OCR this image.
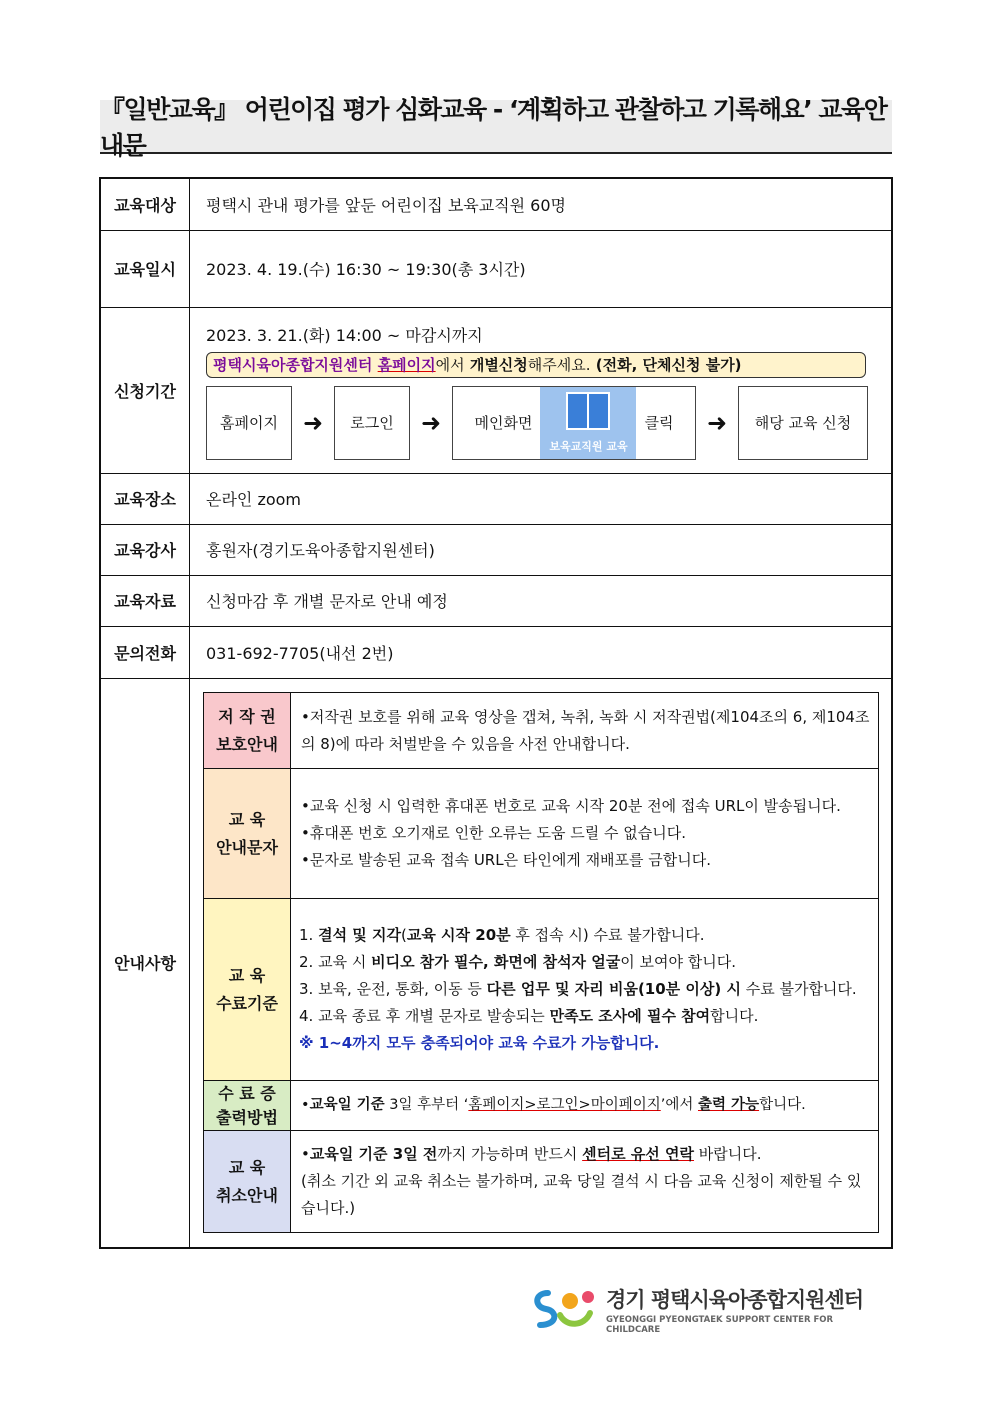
『일반교육』 어린이집 평가 심화교육 - ‘계획하고 관찰하고 기록해요’ 교육안내문
교육대상	평택시 관내 평가를 앞둔 어린이집 보육교직원 60명
교육일시	2023. 4. 19.(수) 16:30 ~ 19:30(총 3시간)
신청기간	
2023. 3. 21.(화) 14:00 ~ 마감시까지
평택시육아종합지원센터
홈페이지 에서
개별신청 해주세요.
(전화, 단체신청 불가)
홈페이지	➜	로그인	➜	메인화면
보육교직원 교육
클릭	➜	해당 교육 신청

교육장소	온라인 zoom
교육강사	홍원자(경기도육아종합지원센터)
교육자료	신청마감 후 개별 문자로 안내 예정
문의전화	031-692-7705(내선 2번)
안내사항	
저 작 권
보호안내
	•저작권 보호를 위해 교육 영상을 갭쳐, 녹취, 녹화 시 저작권법(제104조의 6, 제104조의 8)에 따라 처벌받을 수 있음을 사전 안내합니다.

교 육
안내문자

•교육 신청 시 입력한 휴대폰 번호로 교육 시작 20분 전에 접속 URL이 발송됩니다.
•휴대폰 번호 오기재로 인한 오류는 도움 드릴 수 없습니다.
•문자로 발송된 교육 접속 URL은 타인에게 재배포를 금합니다.

교 육
수료기준

1. 결석 및 지각(교육 시작 20분 후 접속 시) 수료 불가합니다.
2. 교육 시 비디오 참가 필수, 화면에 참석자 얼굴이 보여야 합니다.
3. 보육, 운전, 통화, 이동 등 다른 업무 및 자리 비움(10분 이상) 시 수료 불가합니다.
4. 교육 종료 후 개별 문자로 발송되는 만족도 조사에 필수 참여합니다.
※ 1~4까지 모두 충족되어야 교육 수료가 가능합니다.

수 료 증
출력방법
	•교육일 기준 3일 후부터 ‘홈페이지>로그인>마이페이지’에서 출력 가능합니다.

교 육
취소안내

•교육일 기준 3일 전까지 가능하며 반드시 센터로 유선 연락 바랍니다.
(취소 기간 외 교육 취소는 불가하며, 교육 당일 결석 시 다음 교육 신청이 제한될 수 있습니다.)
경기 평택시육아종합지원센터
GYEONGGI PYEONGTAEK SUPPORT CENTER FOR CHILDCARE
